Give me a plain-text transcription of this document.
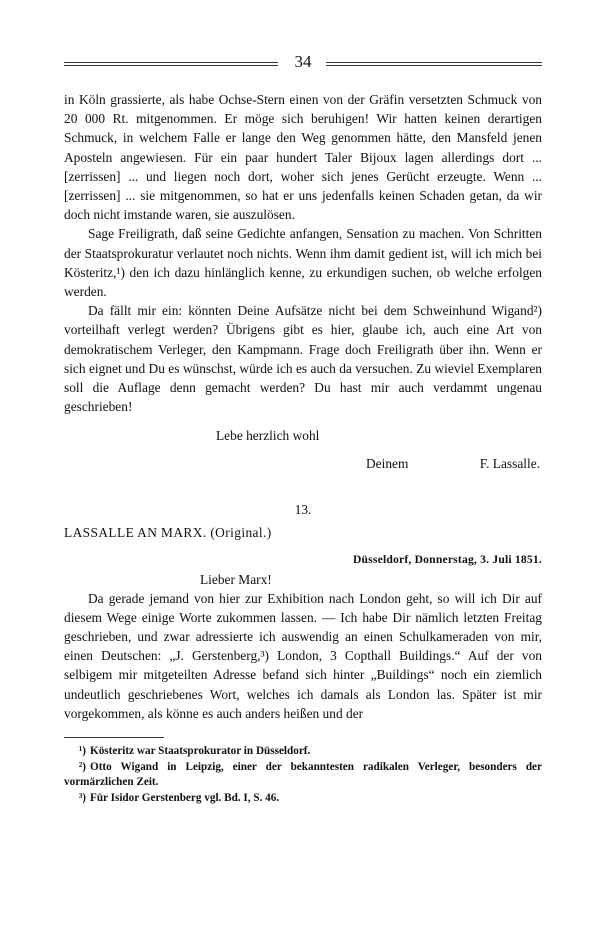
34

in Köln grassierte, als habe Ochse-Stern einen von der Gräfin versetzten Schmuck von 20 000 Rt. mitgenommen. Er möge sich beruhigen! Wir hatten keinen derartigen Schmuck, in welchem Falle er lange den Weg genommen hätte, den Mansfeld jenen Aposteln angewiesen. Für ein paar hundert Taler Bijoux lagen allerdings dort ... [zerrissen] ... und liegen noch dort, woher sich jenes Gerücht erzeugte. Wenn ... [zerrissen] ... sie mitgenommen, so hat er uns jedenfalls keinen Schaden getan, da wir doch nicht imstande waren, sie auszulösen.

Sage Freiligrath, daß seine Gedichte anfangen, Sensation zu machen. Von Schritten der Staatsprokuratur verlautet noch nichts. Wenn ihm damit gedient ist, will ich mich bei Kösteritz,¹) den ich dazu hinlänglich kenne, zu erkundigen suchen, ob welche erfolgen werden.

Da fällt mir ein: könnten Deine Aufsätze nicht bei dem Schweinhund Wigand²) vorteilhaft verlegt werden? Übrigens gibt es hier, glaube ich, auch eine Art von demokratischem Verleger, den Kampmann. Frage doch Freiligrath über ihn. Wenn er sich eignet und Du es wünschst, würde ich es auch da versuchen. Zu wieviel Exemplaren soll die Auflage denn gemacht werden? Du hast mir auch verdammt ungenau geschrieben!

Lebe herzlich wohl
Deinem	F. Lassalle.
13.
LASSALLE AN MARX. (Original.)
Düsseldorf, Donnerstag, 3. Juli 1851.
Lieber Marx!

Da gerade jemand von hier zur Exhibition nach London geht, so will ich Dir auf diesem Wege einige Worte zukommen lassen. — Ich habe Dir nämlich letzten Freitag geschrieben, und zwar adressierte ich auswendig an einen Schulkameraden von mir, einen Deutschen: „J. Gerstenberg,³) London, 3 Copthall Buildings.“ Auf der von selbigem mir mitgeteilten Adresse befand sich hinter „Buildings“ noch ein ziemlich undeutlich geschriebenes Wort, welches ich damals als London las. Später ist mir vorgekommen, als könne es auch anders heißen und der

¹) Kösteritz war Staatsprokurator in Düsseldorf.

²) Otto Wigand in Leipzig, einer der bekanntesten radikalen Verleger, besonders der vormärzlichen Zeit.

³) Für Isidor Gerstenberg vgl. Bd. I, S. 46.
